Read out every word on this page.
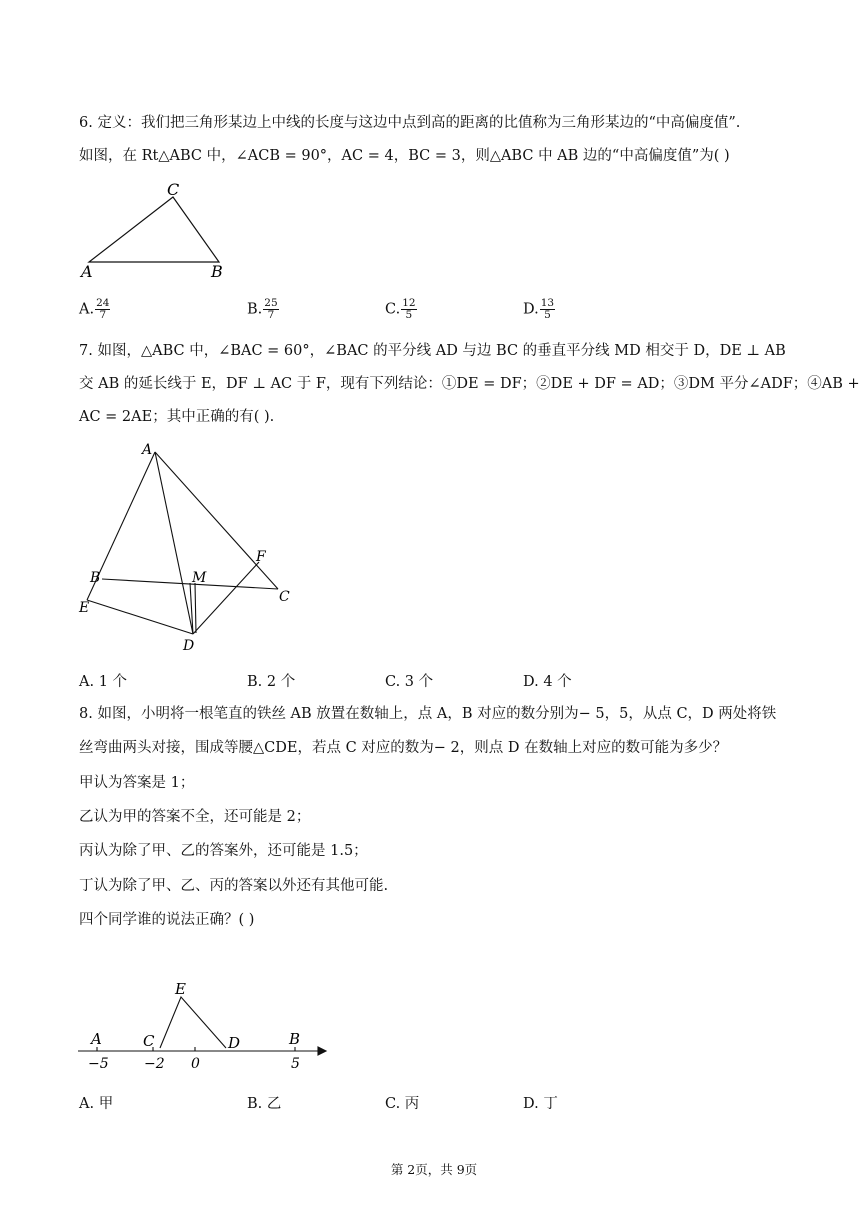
6. 定义：我们把三角形某边上中线的长度与这边中点到高的距离的比值称为三角形某边的“中高偏度值”.
如图，在 Rt△ABC 中，∠ACB = 90°，AC = 4，BC = 3，则△ABC 中 AB 边的“中高偏度值”为( )
A	B
C
A. $\frac{24}{7}$	B. $\frac{25}{7}$	C. $\frac{12}{5}$	D. $\frac{13}{5}$
7. 如图，△ABC 中，∠BAC = 60°，∠BAC 的平分线 AD 与边 BC 的垂直平分线 MD 相交于 D，DE ⊥ AB
交 AB 的延长线于 E，DF ⊥ AC 于 F，现有下列结论：①DE = DF；②DE + DF = AD；③DM 平分∠ADF；④AB +
AC = 2AE；其中正确的有( ).
A
B
C
D
E
F
M
A. 1 个	B. 2 个	C. 3 个	D. 4 个
8. 如图，小明将一根笔直的铁丝 AB 放置在数轴上，点 A，B 对应的数分别为− 5，5，从点 C，D 两处将铁
丝弯曲两头对接，围成等腰△CDE，若点 C 对应的数为− 2，则点 D 在数轴上对应的数可能为多少？
甲认为答案是 1；
乙认为甲的答案不全，还可能是 2；
丙认为除了甲、乙的答案外，还可能是 1.5；
丁认为除了甲、乙、丙的答案以外还有其他可能.
四个同学谁的说法正确？( )
A	C
E
D	B
−5	−2 0	5
A. 甲	B. 乙	C. 丙	D. 丁
第 2页，共 9页
